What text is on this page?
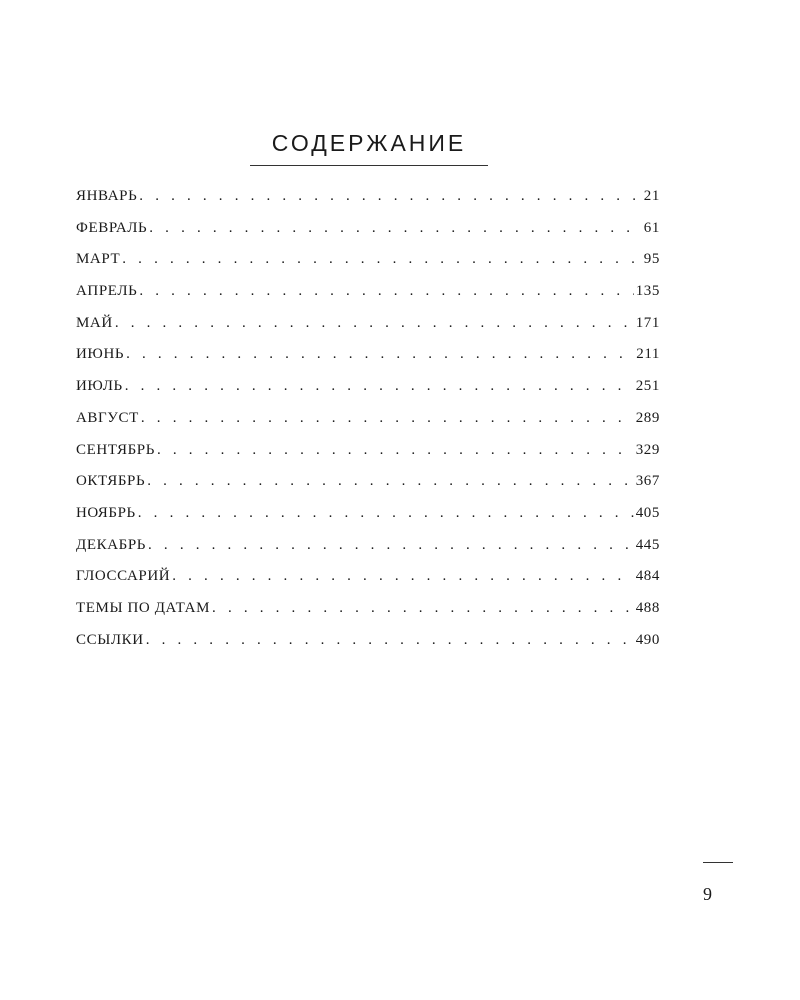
СОДЕРЖАНИЕ
ЯНВАРЬ . . .	21
ФЕВРАЛЬ . . .	61
МАРТ . . .	95
АПРЕЛЬ . . .	135
МАЙ . . .	171
ИЮНЬ . . .	211
ИЮЛЬ . . .	251
АВГУСТ . . .	289
СЕНТЯБРЬ . . .	329
ОКТЯБРЬ . . .	367
НОЯБРЬ . . .	405
ДЕКАБРЬ . . .	445
ГЛОССАРИЙ . . .	484
ТЕМЫ ПО ДАТАМ . . .	488
ССЫЛКИ . . .	490
9
